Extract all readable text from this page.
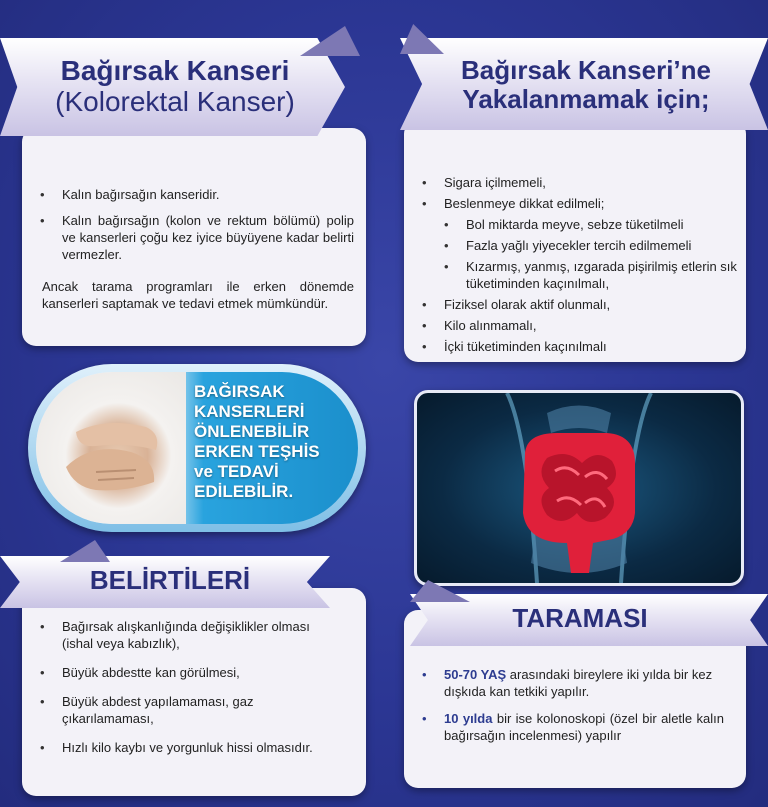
• Kalın bağırsağın kanseridir.
• Kalın bağırsağın (kolon ve rektum bölümü) polip ve kanserleri çoğu kez iyice büyüyene kadar belirti vermezler.
Ancak tarama programları ile erken dönemde kanserleri saptamak ve tedavi etmek mümkündür.
Bağırsak Kanseri
(Kolorektal Kanser)
• Sigara içilmemeli,
• Beslenmeye dikkat edilmeli;
• Bol miktarda meyve, sebze tüketilmeli
• Fazla yağlı yiyecekler tercih edilmemeli
• Kızarmış, yanmış, ızgarada pişirilmiş etlerin sık tüketiminden kaçınılmalı,
• Fiziksel olarak aktif olunmalı,
• Kilo alınmamalı,
• İçki tüketiminden kaçınılmalı
Bağırsak Kanseri’ne
Yakalanmamak için;
BAĞIRSAK
KANSERLERİ
ÖNLENEBİLİR
ERKEN TEŞHİS
ve TEDAVİ
EDİLEBİLİR.
• Bağırsak alışkanlığında değişiklikler olması (ishal veya kabızlık),
• Büyük abdestte kan görülmesi,
• Büyük abdest yapılamaması, gaz çıkarılamaması,
• Hızlı kilo kaybı ve yorgunluk hissi olmasıdır.
BELİRTİLERİ
• 50-70 YAŞ arasındaki bireylere iki yılda bir kez dışkıda kan tetkiki yapılır.
• 10 yılda bir ise kolonoskopi (özel bir aletle kalın bağırsağın incelenmesi) yapılır
TARAMASI
